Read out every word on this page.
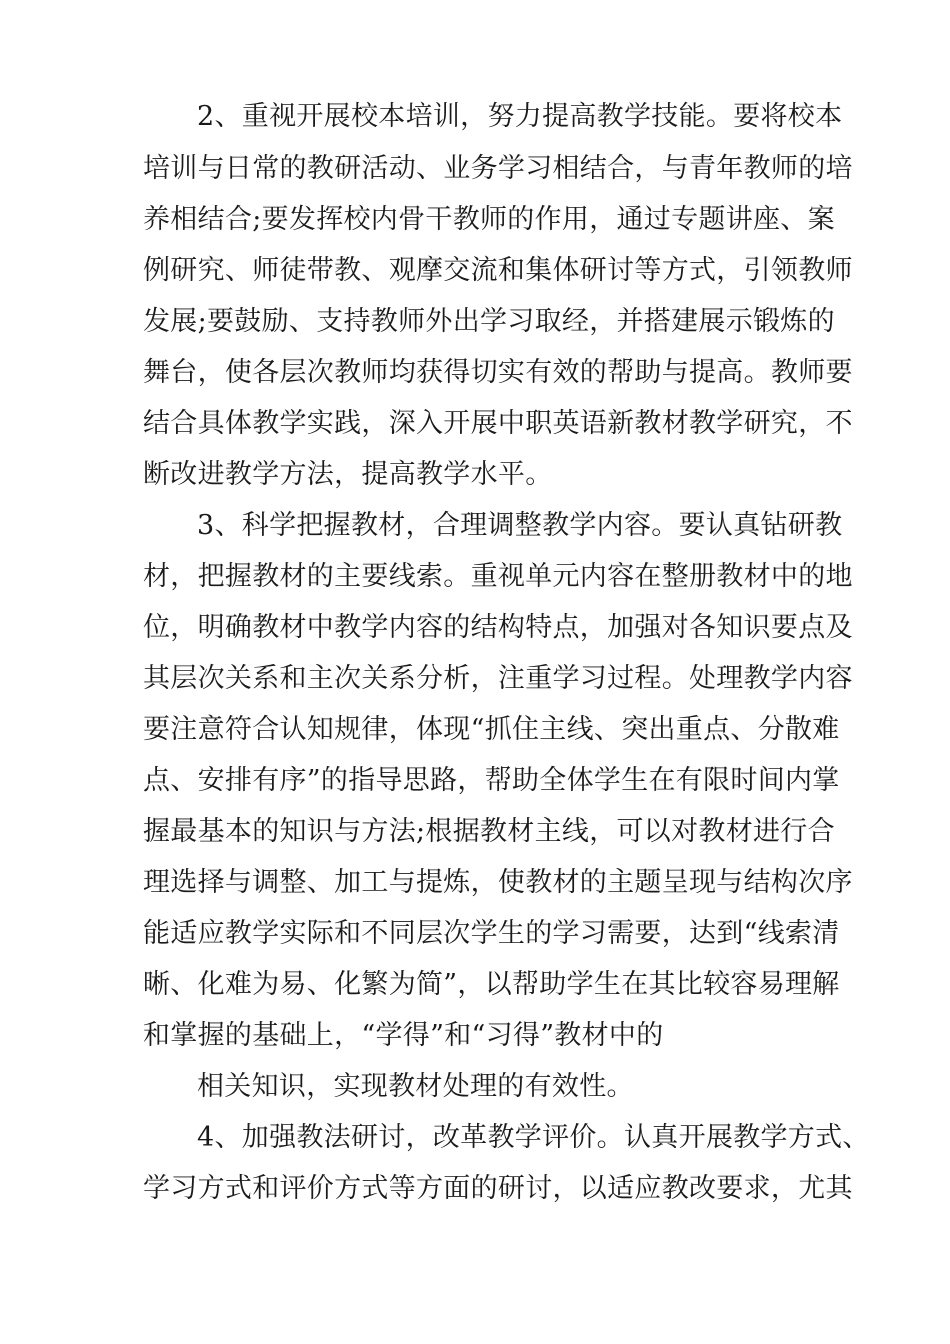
2、重视开展校本培训，努力提高教学技能。要将校本
培训与日常的教研活动、业务学习相结合，与青年教师的培
养相结合;要发挥校内骨干教师的作用，通过专题讲座、案
例研究、师徒带教、观摩交流和集体研讨等方式，引领教师
发展;要鼓励、支持教师外出学习取经，并搭建展示锻炼的
舞台，使各层次教师均获得切实有效的帮助与提高。教师要
结合具体教学实践，深入开展中职英语新教材教学研究，不
断改进教学方法，提高教学水平。
3、科学把握教材，合理调整教学内容。要认真钻研教
材，把握教材的主要线索。重视单元内容在整册教材中的地
位，明确教材中教学内容的结构特点，加强对各知识要点及
其层次关系和主次关系分析，注重学习过程。处理教学内容
要注意符合认知规律，体现“抓住主线、突出重点、分散难
点、安排有序”的指导思路，帮助全体学生在有限时间内掌
握最基本的知识与方法;根据教材主线，可以对教材进行合
理选择与调整、加工与提炼，使教材的主题呈现与结构次序
能适应教学实际和不同层次学生的学习需要，达到“线索清
晰、化难为易、化繁为简”，以帮助学生在其比较容易理解
和掌握的基础上，“学得”和“习得”教材中的
相关知识，实现教材处理的有效性。
4、加强教法研讨，改革教学评价。认真开展教学方式、
学习方式和评价方式等方面的研讨，以适应教改要求，尤其
